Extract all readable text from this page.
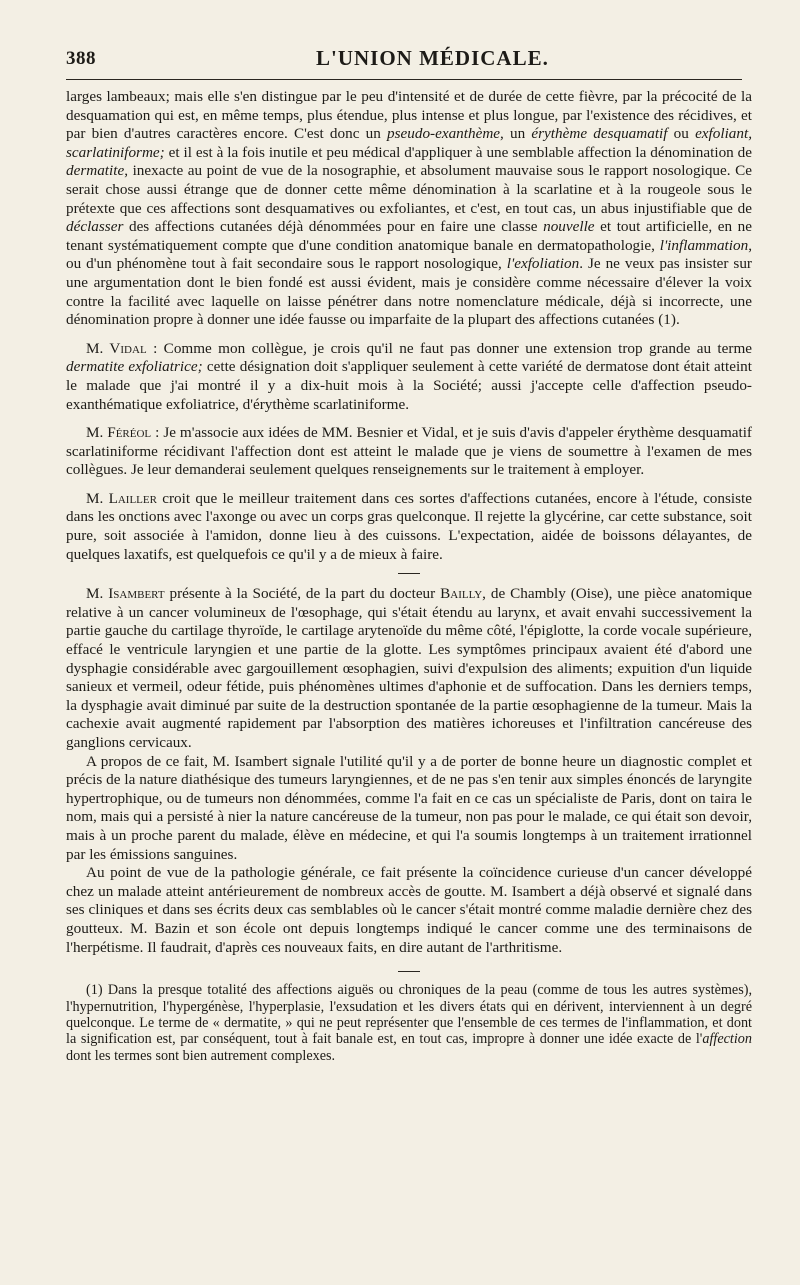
388	L'UNION MÉDICALE.

larges lambeaux; mais elle s'en distingue par le peu d'intensité et de durée de cette fièvre, par la précocité de la desquamation qui est, en même temps, plus étendue, plus intense et plus longue, par l'existence des récidives, et par bien d'autres caractères encore. C'est donc un pseudo-exanthème, un érythème desquamatif ou exfoliant, scarlatiniforme; et il est à la fois inutile et peu médical d'appliquer à une semblable affection la dénomination de dermatite, inexacte au point de vue de la nosographie, et absolument mauvaise sous le rapport nosologique. Ce serait chose aussi étrange que de donner cette même dénomination à la scarlatine et à la rougeole sous le prétexte que ces affections sont desquamatives ou exfoliantes, et c'est, en tout cas, un abus injustifiable que de déclasser des affections cutanées déjà dénommées pour en faire une classe nouvelle et tout artificielle, en ne tenant systématiquement compte que d'une condition anatomique banale en dermatopathologie, l'inflammation, ou d'un phénomène tout à fait secondaire sous le rapport nosologique, l'exfoliation. Je ne veux pas insister sur une argumentation dont le bien fondé est aussi évident, mais je considère comme nécessaire d'élever la voix contre la facilité avec laquelle on laisse pénétrer dans notre nomenclature médicale, déjà si incorrecte, une dénomination propre à donner une idée fausse ou imparfaite de la plupart des affections cutanées (1).

M. Vidal : Comme mon collègue, je crois qu'il ne faut pas donner une extension trop grande au terme dermatite exfoliatrice; cette désignation doit s'appliquer seulement à cette variété de dermatose dont était atteint le malade que j'ai montré il y a dix-huit mois à la Société; aussi j'accepte celle d'affection pseudo-exanthématique exfoliatrice, d'érythème scarlatiniforme.

M. Féréol : Je m'associe aux idées de MM. Besnier et Vidal, et je suis d'avis d'appeler érythème desquamatif scarlatiniforme récidivant l'affection dont est atteint le malade que je viens de soumettre à l'examen de mes collègues. Je leur demanderai seulement quelques renseignements sur le traitement à employer.

M. Lailler croit que le meilleur traitement dans ces sortes d'affections cutanées, encore à l'étude, consiste dans les onctions avec l'axonge ou avec un corps gras quelconque. Il rejette la glycérine, car cette substance, soit pure, soit associée à l'amidon, donne lieu à des cuissons. L'expectation, aidée de boissons délayantes, de quelques laxatifs, est quelquefois ce qu'il y a de mieux à faire.

M. Isambert présente à la Société, de la part du docteur Bailly, de Chambly (Oise), une pièce anatomique relative à un cancer volumineux de l'œsophage, qui s'était étendu au larynx, et avait envahi successivement la partie gauche du cartilage thyroïde, le cartilage arytenoïde du même côté, l'épiglotte, la corde vocale supérieure, effacé le ventricule laryngien et une partie de la glotte. Les symptômes principaux avaient été d'abord une dysphagie considérable avec gargouillement œsophagien, suivi d'expulsion des aliments; expuition d'un liquide sanieux et vermeil, odeur fétide, puis phénomènes ultimes d'aphonie et de suffocation. Dans les derniers temps, la dysphagie avait diminué par suite de la destruction spontanée de la partie œsophagienne de la tumeur. Mais la cachexie avait augmenté rapidement par l'absorption des matières ichoreuses et l'infiltration cancéreuse des ganglions cervicaux.

A propos de ce fait, M. Isambert signale l'utilité qu'il y a de porter de bonne heure un diagnostic complet et précis de la nature diathésique des tumeurs laryngiennes, et de ne pas s'en tenir aux simples énoncés de laryngite hypertrophique, ou de tumeurs non dénommées, comme l'a fait en ce cas un spécialiste de Paris, dont on taira le nom, mais qui a persisté à nier la nature cancéreuse de la tumeur, non pas pour le malade, ce qui était son devoir, mais à un proche parent du malade, élève en médecine, et qui l'a soumis longtemps à un traitement irrationnel par les émissions sanguines.

Au point de vue de la pathologie générale, ce fait présente la coïncidence curieuse d'un cancer développé chez un malade atteint antérieurement de nombreux accès de goutte. M. Isambert a déjà observé et signalé dans ses cliniques et dans ses écrits deux cas semblables où le cancer s'était montré comme maladie dernière chez des goutteux. M. Bazin et son école ont depuis longtemps indiqué le cancer comme une des terminaisons de l'herpétisme. Il faudrait, d'après ces nouveaux faits, en dire autant de l'arthritisme.

(1) Dans la presque totalité des affections aiguës ou chroniques de la peau (comme de tous les autres systèmes), l'hypernutrition, l'hypergénèse, l'hyperplasie, l'exsudation et les divers états qui en dérivent, interviennent à un degré quelconque. Le terme de « dermatite, » qui ne peut représenter que l'ensemble de ces termes de l'inflammation, et dont la signification est, par conséquent, tout à fait banale est, en tout cas, impropre à donner une idée exacte de l'affection dont les termes sont bien autrement complexes.
